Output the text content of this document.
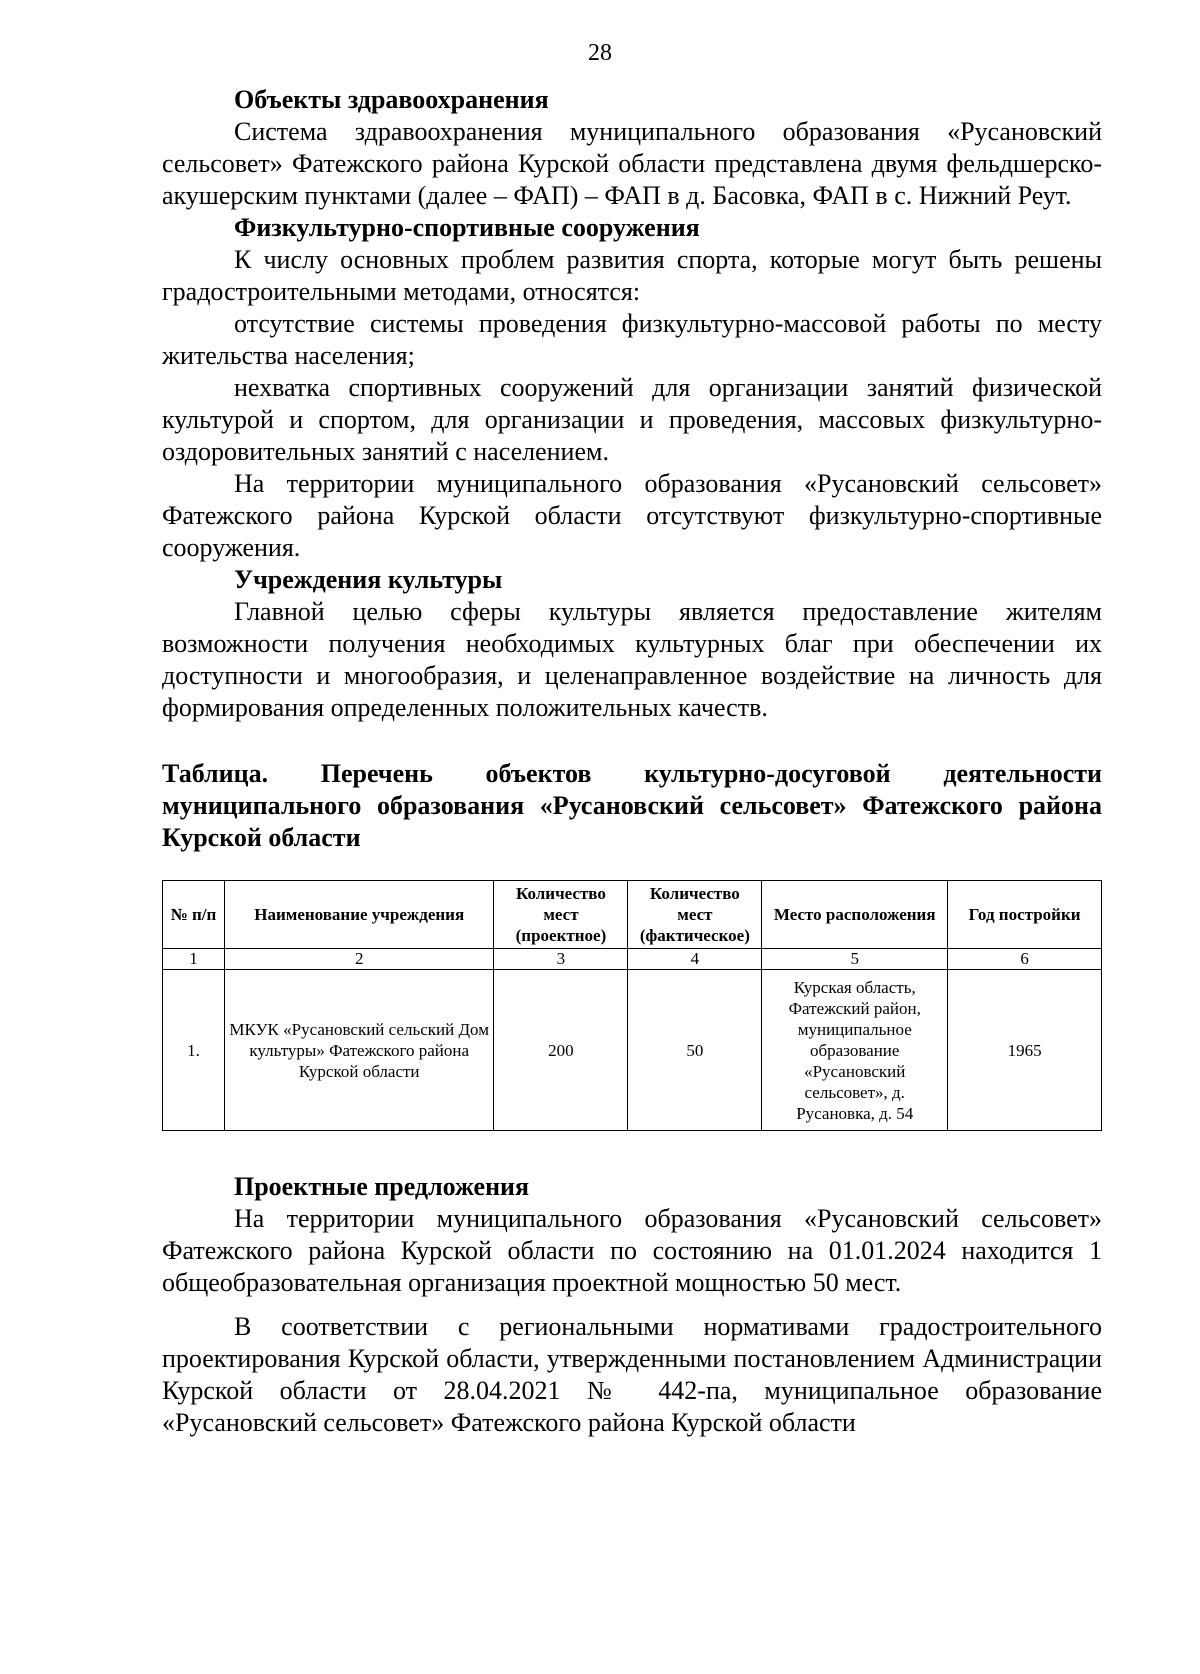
28

Объекты здравоохранения

Система здравоохранения муниципального образования «Русановский сельсовет» Фатежского района Курской области представлена двумя фельдшерско-акушерским пунктами (далее – ФАП) – ФАП в д. Басовка, ФАП в с. Нижний Реут.

Физкультурно-спортивные сооружения

К числу основных проблем развития спорта, которые могут быть решены градостроительными методами, относятся:

отсутствие системы проведения физкультурно-массовой работы по месту жительства населения;

нехватка спортивных сооружений для организации занятий физической культурой и спортом, для организации и проведения, массовых физкультурно-оздоровительных занятий с населением.

На территории муниципального образования «Русановский сельсовет» Фатежского района Курской области отсутствуют физкультурно-спортивные сооружения.

Учреждения культуры

Главной целью сферы культуры является предоставление жителям возможности получения необходимых культурных благ при обеспечении их доступности и многообразия, и целенаправленное воздействие на личность для формирования определенных положительных качеств.

Таблица. Перечень объектов культурно-досуговой деятельности муниципального образования «Русановский сельсовет» Фатежского района Курской области
№ п/п	Наименование учреждения	Количество мест (проектное)	Количество мест (фактическое)	Место расположения	Год постройки
1	2	3	4	5	6
1.	МКУК «Русановский сельский Дом культуры» Фатежского района Курской области	200	50	Курская область, Фатежский район, муниципальное образование «Русановский сельсовет», д. Русановка, д. 54	1965

Проектные предложения

На территории муниципального образования «Русановский сельсовет» Фатежского района Курской области по состоянию на 01.01.2024 находится 1 общеобразовательная организация проектной мощностью 50 мест.

В соответствии с региональными нормативами градостроительного проектирования Курской области, утвержденными постановлением Администрации Курской области от 28.04.2021 № 442-па, муниципальное образование «Русановский сельсовет» Фатежского района Курской области
